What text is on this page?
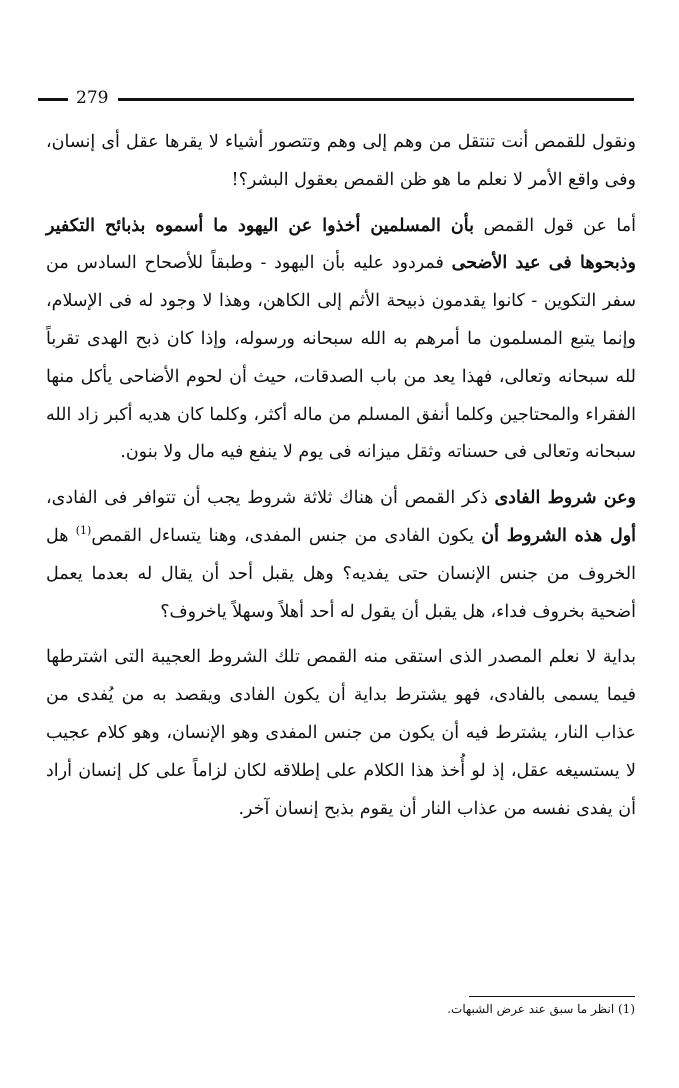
279

ونقول للقمص أنت تنتقل من وهم إلى وهم وتتصور أشياء لا يقرها عقل أى إنسان، وفى واقع الأمر لا نعلم ما هو ظن القمص بعقول البشر؟!

أما عن قول القمص بأن المسلمين أخذوا عن اليهود ما أسموه بذبائح التكفير وذبحوها فى عيد الأضحى فمردود عليه بأن اليهود - وطبقاً للأصحاح السادس من سفر التكوين - كانوا يقدمون ذبيحة الأثم إلى الكاهن، وهذا لا وجود له فى الإسلام، وإنما يتبع المسلمون ما أمرهم به الله سبحانه ورسوله، وإذا كان ذبح الهدى تقرباً لله سبحانه وتعالى، فهذا يعد من باب الصدقات، حيث أن لحوم الأضاحى يأكل منها الفقراء والمحتاجين وكلما أنفق المسلم من ماله أكثر، وكلما كان هديه أكبر زاد الله سبحانه وتعالى فى حسناته وثقل ميزانه فى يوم لا ينفع فيه مال ولا بنون.

وعن شروط الفادى ذكر القمص أن هناك ثلاثة شروط يجب أن تتوافر فى الفادى، أول هذه الشروط أن يكون الفادى من جنس المفدى، وهنا يتساءل القمص$^{(1)}$ هل الخروف من جنس الإنسان حتى يفديه؟ وهل يقبل أحد أن يقال له بعدما يعمل أضحية بخروف فداء، هل يقبل أن يقول له أحد أهلاً وسهلاً ياخروف؟

بداية لا نعلم المصدر الذى استقى منه القمص تلك الشروط العجيبة التى اشترطها فيما يسمى بالفادى، فهو يشترط بداية أن يكون الفادى ويقصد به من يُفدى من عذاب النار، يشترط فيه أن يكون من جنس المفدى وهو الإنسان، وهو كلام عجيب لا يستسيغه عقل، إذ لو أُخذ هذا الكلام على إطلاقه لكان لزاماً على كل إنسان أراد أن يفدى نفسه من عذاب النار أن يقوم بذبح إنسان آخر.

(1) انظر ما سبق عند عرض الشبهات.
